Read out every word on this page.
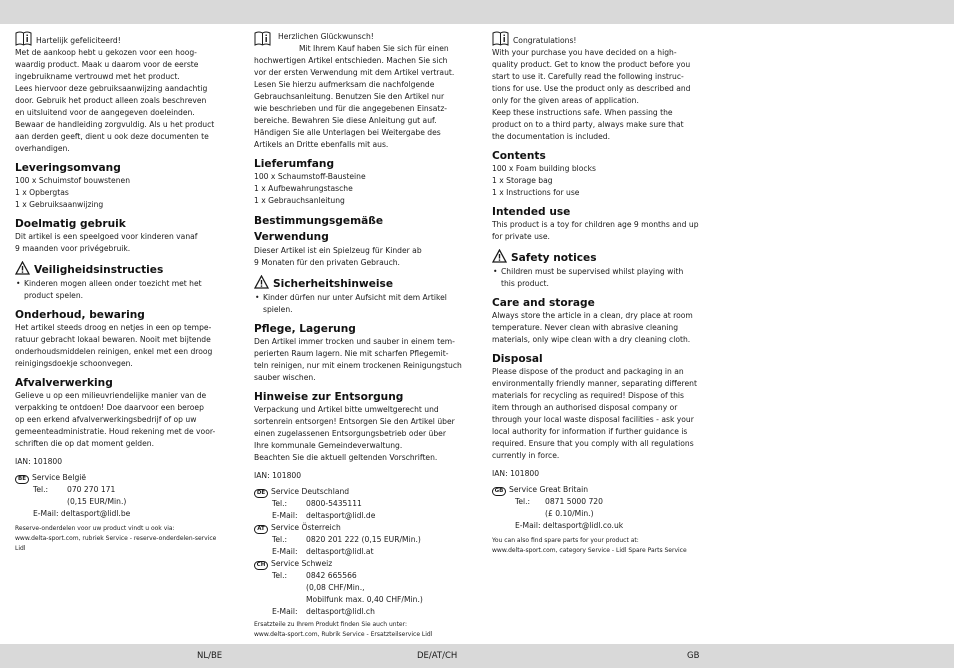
Hartelijk gefeliciteerd!
Met de aankoop hebt u gekozen voor een hoog-
waardig product. Maak u daarom voor de eerste
ingebruikname vertrouwd met het product.
Lees hiervoor deze gebruiksaanwijzing aandachtig
door. Gebruik het product alleen zoals beschreven
en uitsluitend voor de aangegeven doeleinden.
Bewaar de handleiding zorgvuldig. Als u het product
aan derden geeft, dient u ook deze documenten te
overhandigen.
Leveringsomvang
100 x Schuimstof bouwstenen
1 x Opbergtas
1 x Gebruiksaanwijzing
Doelmatig gebruik
Dit artikel is een speelgoed voor kinderen vanaf
9 maanden voor privégebruik.
Veiligheidsinstructies
• Kinderen mogen alleen onder toezicht met het
product spelen.
Onderhoud, bewaring
Het artikel steeds droog en netjes in een op tempe-
ratuur gebracht lokaal bewaren. Nooit met bijtende
onderhoudsmiddelen reinigen, enkel met een droog
reinigingsdoekje schoonvegen.
Afvalverwerking
Gelieve u op een milieuvriendelijke manier van de
verpakking te ontdoen! Doe daarvoor een beroep
op een erkend afvalverwerkingsbedrijf of op uw
gemeenteadministratie. Houd rekening met de voor-
schriften die op dat moment gelden.
IAN: 101800
BE Service België
Tel.:	070 270 171
(0,15 EUR/Min.)
E-Mail: deltasport@lidl.be
Reserve-onderdelen voor uw product vindt u ook via:
www.delta-sport.com, rubriek Service - reserve-onderdelen-service
Lidl
Herzlichen Glückwunsch!
Mit Ihrem Kauf haben Sie sich für einen
hochwertigen Artikel entschieden. Machen Sie sich
vor der ersten Verwendung mit dem Artikel vertraut.
Lesen Sie hierzu aufmerksam die nachfolgende
Gebrauchsanleitung. Benutzen Sie den Artikel nur
wie beschrieben und für die angegebenen Einsatz-
bereiche. Bewahren Sie diese Anleitung gut auf.
Händigen Sie alle Unterlagen bei Weitergabe des
Artikels an Dritte ebenfalls mit aus.
Lieferumfang
100 x Schaumstoff-Bausteine
1 x Aufbewahrungstasche
1 x Gebrauchsanleitung
Bestimmungsgemäße
Verwendung
Dieser Artikel ist ein Spielzeug für Kinder ab
9 Monaten für den privaten Gebrauch.
Sicherheitshinweise
• Kinder dürfen nur unter Aufsicht mit dem Artikel
spielen.
Pflege, Lagerung
Den Artikel immer trocken und sauber in einem tem-
perierten Raum lagern. Nie mit scharfen Pflegemit-
teln reinigen, nur mit einem trockenen Reinigungstuch
sauber wischen.
Hinweise zur Entsorgung
Verpackung und Artikel bitte umweltgerecht und
sortenrein entsorgen! Entsorgen Sie den Artikel über
einen zugelassenen Entsorgungsbetrieb oder über
Ihre kommunale Gemeindeverwaltung.
Beachten Sie die aktuell geltenden Vorschriften.
IAN: 101800
DE Service Deutschland
Tel.:	0800-5435111
E-Mail:	deltasport@lidl.de
AT Service Österreich
Tel.:	0820 201 222 (0,15 EUR/Min.)
E-Mail:	deltasport@lidl.at
CH Service Schweiz
Tel.:	0842 665566
(0,08 CHF/Min.,
Mobilfunk max. 0,40 CHF/Min.)
E-Mail:	deltasport@lidl.ch
Ersatzteile zu Ihrem Produkt finden Sie auch unter:
www.delta-sport.com, Rubrik Service - Ersatzteilservice Lidl
Congratulations!
With your purchase you have decided on a high-
quality product. Get to know the product before you
start to use it. Carefully read the following instruc-
tions for use. Use the product only as described and
only for the given areas of application.
Keep these instructions safe. When passing the
product on to a third party, always make sure that
the documentation is included.
Contents
100 x Foam building blocks
1 x Storage bag
1 x Instructions for use
Intended use
This product is a toy for children age 9 months and up
for private use.
Safety notices
• Children must be supervised whilst playing with
this product.
Care and storage
Always store the article in a clean, dry place at room
temperature. Never clean with abrasive cleaning
materials, only wipe clean with a dry cleaning cloth.
Disposal
Please dispose of the product and packaging in an
environmentally friendly manner, separating different
materials for recycling as required! Dispose of this
item through an authorised disposal company or
through your local waste disposal facilities - ask your
local authority for information if further guidance is
required. Ensure that you comply with all regulations
currently in force.
IAN: 101800
GB Service Great Britain
Tel.:	0871 5000 720
(£ 0.10/Min.)
E-Mail: deltasport@lidl.co.uk
You can also find spare parts for your product at:
www.delta-sport.com, category Service - Lidl Spare Parts Service
NL/BE	DE/AT/CH	GB
